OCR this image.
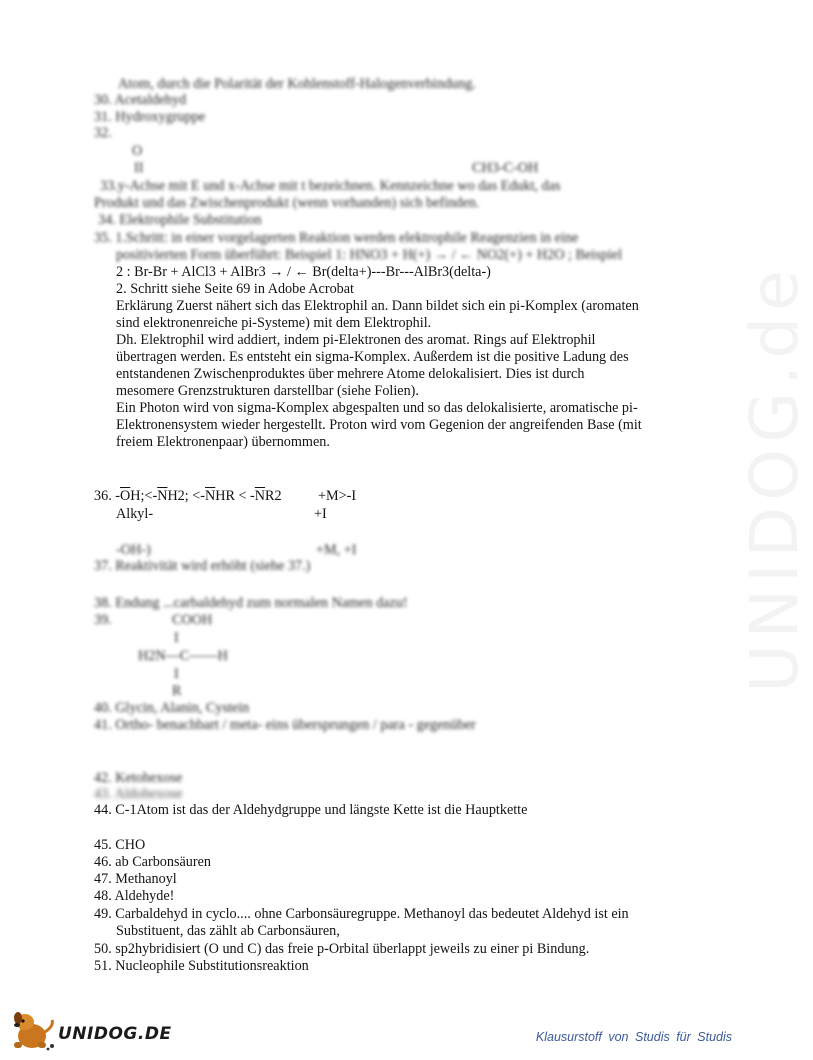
UNIDOG.de
Atom, durch die Polarität der Kohlenstoff-Halogenverbindung.
30. Acetaldehyd
31. Hydroxygruppe
32.
O
II	CH3-C-OH
33.y-Achse mit E und x-Achse mit t bezeichnen. Kennzeichne wo das Edukt, das
Produkt und das Zwischenprodukt (wenn vorhanden) sich befinden.
34. Elektrophile Substitution
35. 1.Schritt: in einer vorgelagerten Reaktion werden elektrophile Reagenzien in eine
positivierten Form überführt: Beispiel 1: HNO3 + H(+) → / ← NO2(+) + H2O ; Beispiel
2 : Br-Br + AlCl3 + AlBr3 → / ← Br(delta+)---Br---AlBr3(delta-)
2. Schritt siehe Seite 69 in Adobe Acrobat
Erklärung Zuerst nähert sich das Elektrophil an. Dann bildet sich ein pi-Komplex (aromaten
sind elektronenreiche pi-Systeme) mit dem Elektrophil.
Dh. Elektrophil wird addiert, indem pi-Elektronen des aromat. Rings auf Elektrophil
übertragen werden. Es entsteht ein sigma-Komplex. Außerdem ist die positive Ladung des
entstandenen Zwischenproduktes über mehrere Atome delokalisiert. Dies ist durch
mesomere Grenzstrukturen darstellbar (siehe Folien).
Ein Photon wird von sigma-Komplex abgespalten und so das delokalisierte, aromatische pi-
Elektronensystem wieder hergestellt. Proton wird vom Gegenion der angreifenden Base (mit
freiem Elektronenpaar) übernommen.
36. $-\overline{O}H;<-\overline{N}H2$; $<-\overline{N}HR < -\overline{N}R2$	+M>-I
Alkyl-	+I
-OH-)	+M, +I
37. Reaktivität wird erhöht (siehe 37.)
38. Endung ...carbaldehyd zum normalen Namen dazu!
39.	COOH
I
H2N—C——H
I
R
40. Glycin, Alanin, Cystein
41. Ortho- benachbart / meta- eins übersprungen / para - gegenüber
42. Ketohexose
43. Aldohexose
44. C-1Atom ist das der Aldehydgruppe und längste Kette ist die Hauptkette
45. CHO
46. ab Carbonsäuren
47. Methanoyl
48. Aldehyde!
49. Carbaldehyd in cyclo.... ohne Carbonsäuregruppe. Methanoyl das bedeutet Aldehyd ist ein
Substituent, das zählt ab Carbonsäuren,
50. sp2hybridisiert (O und C) das freie p-Orbital überlappt jeweils zu einer pi Bindung.
51. Nucleophile Substitutionsreaktion
UNIDOG.DE	Klausurstoff von Studis für Studis
